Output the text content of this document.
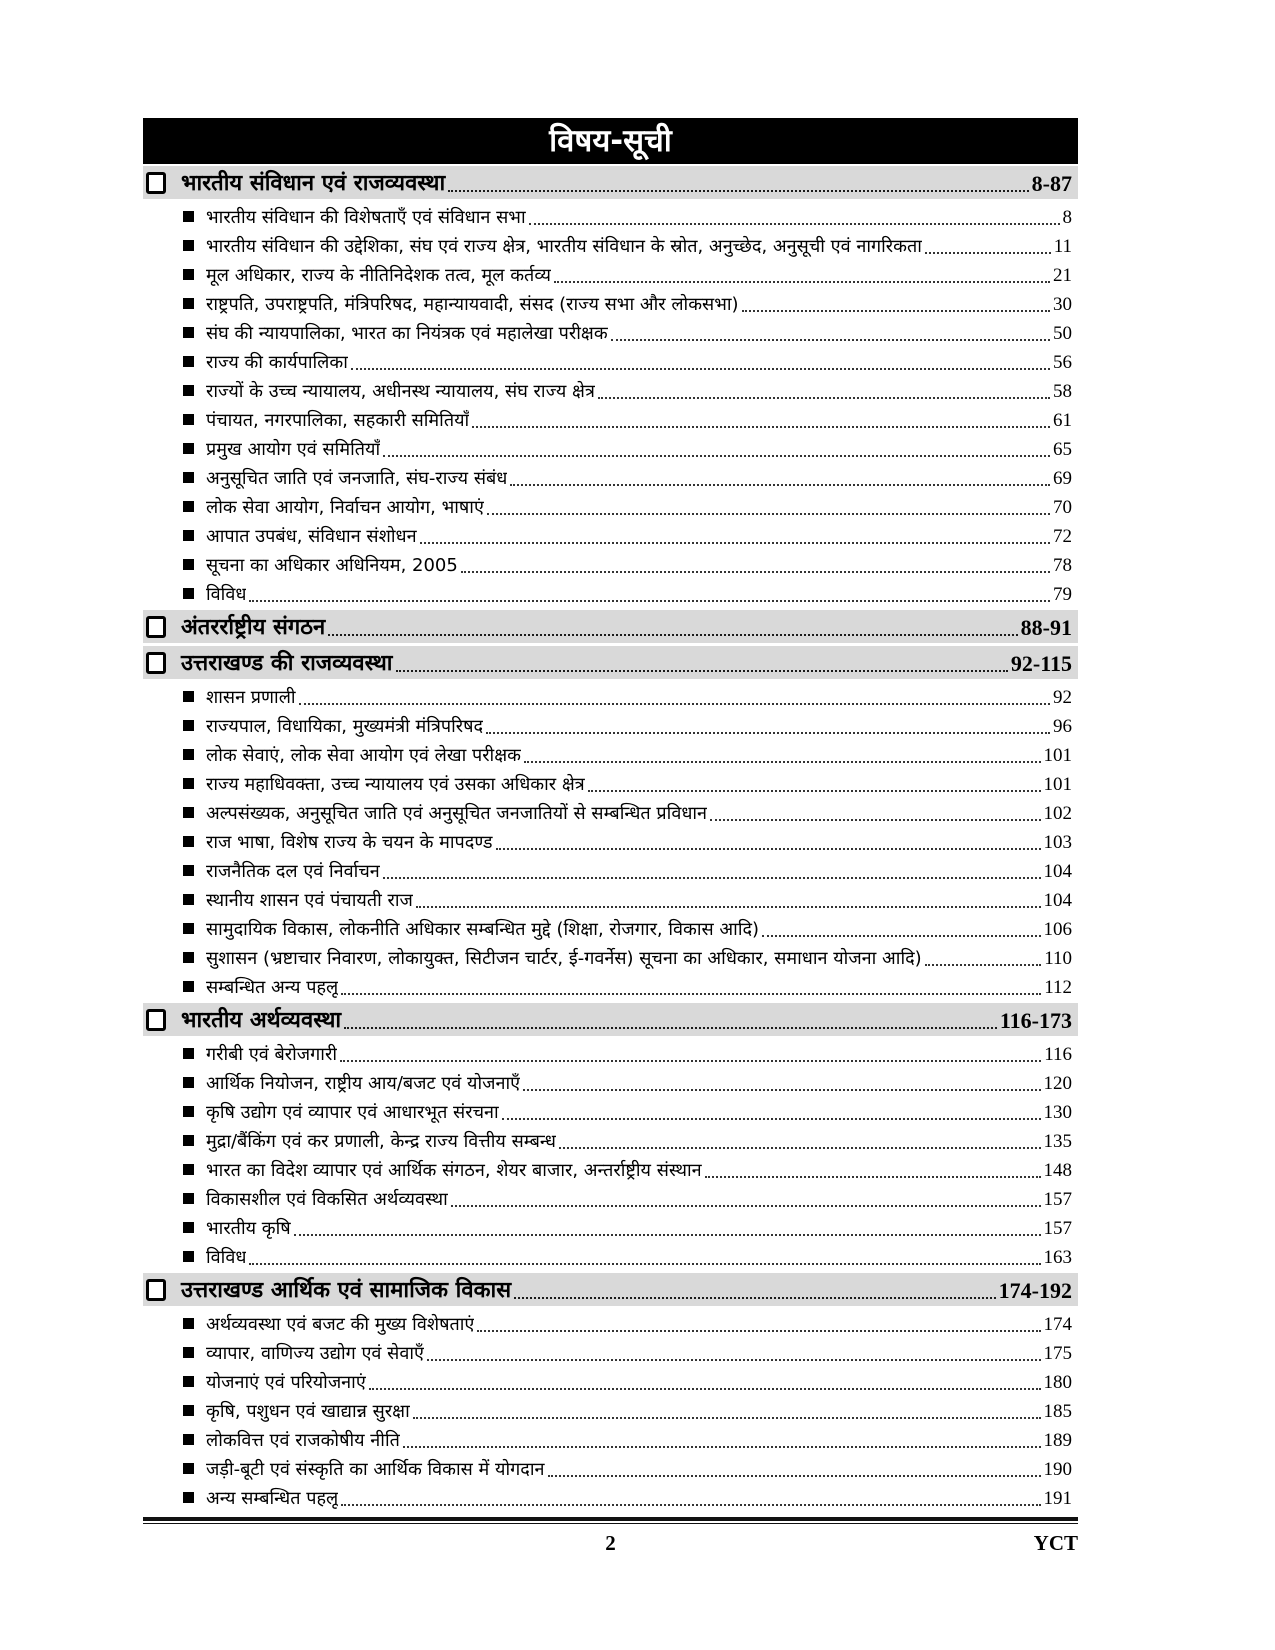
विषय-सूची
भारतीय संविधान एवं राजव्यवस्था	8-87
भारतीय संविधान की विशेषताएँ एवं संविधान सभा	8
भारतीय संविधान की उद्देशिका, संघ एवं राज्य क्षेत्र, भारतीय संविधान के स्रोत, अनुच्छेद, अनुसूची एवं नागरिकता	11
मूल अधिकार, राज्य के नीतिनिदेशक तत्व, मूल कर्तव्य	21
राष्ट्रपति, उपराष्ट्रपति, मंत्रिपरिषद, महान्यायवादी, संसद (राज्य सभा और लोकसभा)	30
संघ की न्यायपालिका, भारत का नियंत्रक एवं महालेखा परीक्षक	50
राज्य की कार्यपालिका	56
राज्यों के उच्च न्यायालय, अधीनस्थ न्यायालय, संघ राज्य क्षेत्र	58
पंचायत, नगरपालिका, सहकारी समितियाँ	61
प्रमुख आयोग एवं समितियाँ	65
अनुसूचित जाति एवं जनजाति, संघ-राज्य संबंध	69
लोक सेवा आयोग, निर्वाचन आयोग, भाषाएं	70
आपात उपबंध, संविधान संशोधन	72
सूचना का अधिकार अधिनियम, 2005	78
विविध	79
अंतरर्राष्ट्रीय संगठन	88-91
उत्तराखण्ड की राजव्यवस्था	92-115
शासन प्रणाली	92
राज्यपाल, विधायिका, मुख्यमंत्री मंत्रिपरिषद	96
लोक सेवाएं, लोक सेवा आयोग एवं लेखा परीक्षक	101
राज्य महाधिवक्ता, उच्च न्यायालय एवं उसका अधिकार क्षेत्र	101
अल्पसंख्यक, अनुसूचित जाति एवं अनुसूचित जनजातियों से सम्बन्धित प्रविधान	102
राज भाषा, विशेष राज्य के चयन के मापदण्ड	103
राजनैतिक दल एवं निर्वाचन	104
स्थानीय शासन एवं पंचायती राज	104
सामुदायिक विकास, लोकनीति अधिकार सम्बन्धित मुद्दे (शिक्षा, रोजगार, विकास आदि)	106
सुशासन (भ्रष्टाचार निवारण, लोकायुक्त, सिटीजन चार्टर, ई-गवर्नेस) सूचना का अधिकार, समाधान योजना आदि)	110
सम्बन्धित अन्य पहलू	112
भारतीय अर्थव्यवस्था	116-173
गरीबी एवं बेरोजगारी	116
आर्थिक नियोजन, राष्ट्रीय आय/बजट एवं योजनाएँ	120
कृषि उद्योग एवं व्यापार एवं आधारभूत संरचना	130
मुद्रा/बैंकिंग एवं कर प्रणाली, केन्द्र राज्य वित्तीय सम्बन्ध	135
भारत का विदेश व्यापार एवं आर्थिक संगठन, शेयर बाजार, अन्तर्राष्ट्रीय संस्थान	148
विकासशील एवं विकसित अर्थव्यवस्था	157
भारतीय कृषि	157
विविध	163
उत्तराखण्ड आर्थिक एवं सामाजिक विकास	174-192
अर्थव्यवस्था एवं बजट की मुख्य विशेषताएं	174
व्यापार, वाणिज्य उद्योग एवं सेवाएँ	175
योजनाएं एवं परियोजनाएं	180
कृषि, पशुधन एवं खाद्यान्न सुरक्षा	185
लोकवित्त एवं राजकोषीय नीति	189
जड़ी-बूटी एवं संस्कृति का आर्थिक विकास में योगदान	190
अन्य सम्बन्धित पहलू	191
2	YCT
